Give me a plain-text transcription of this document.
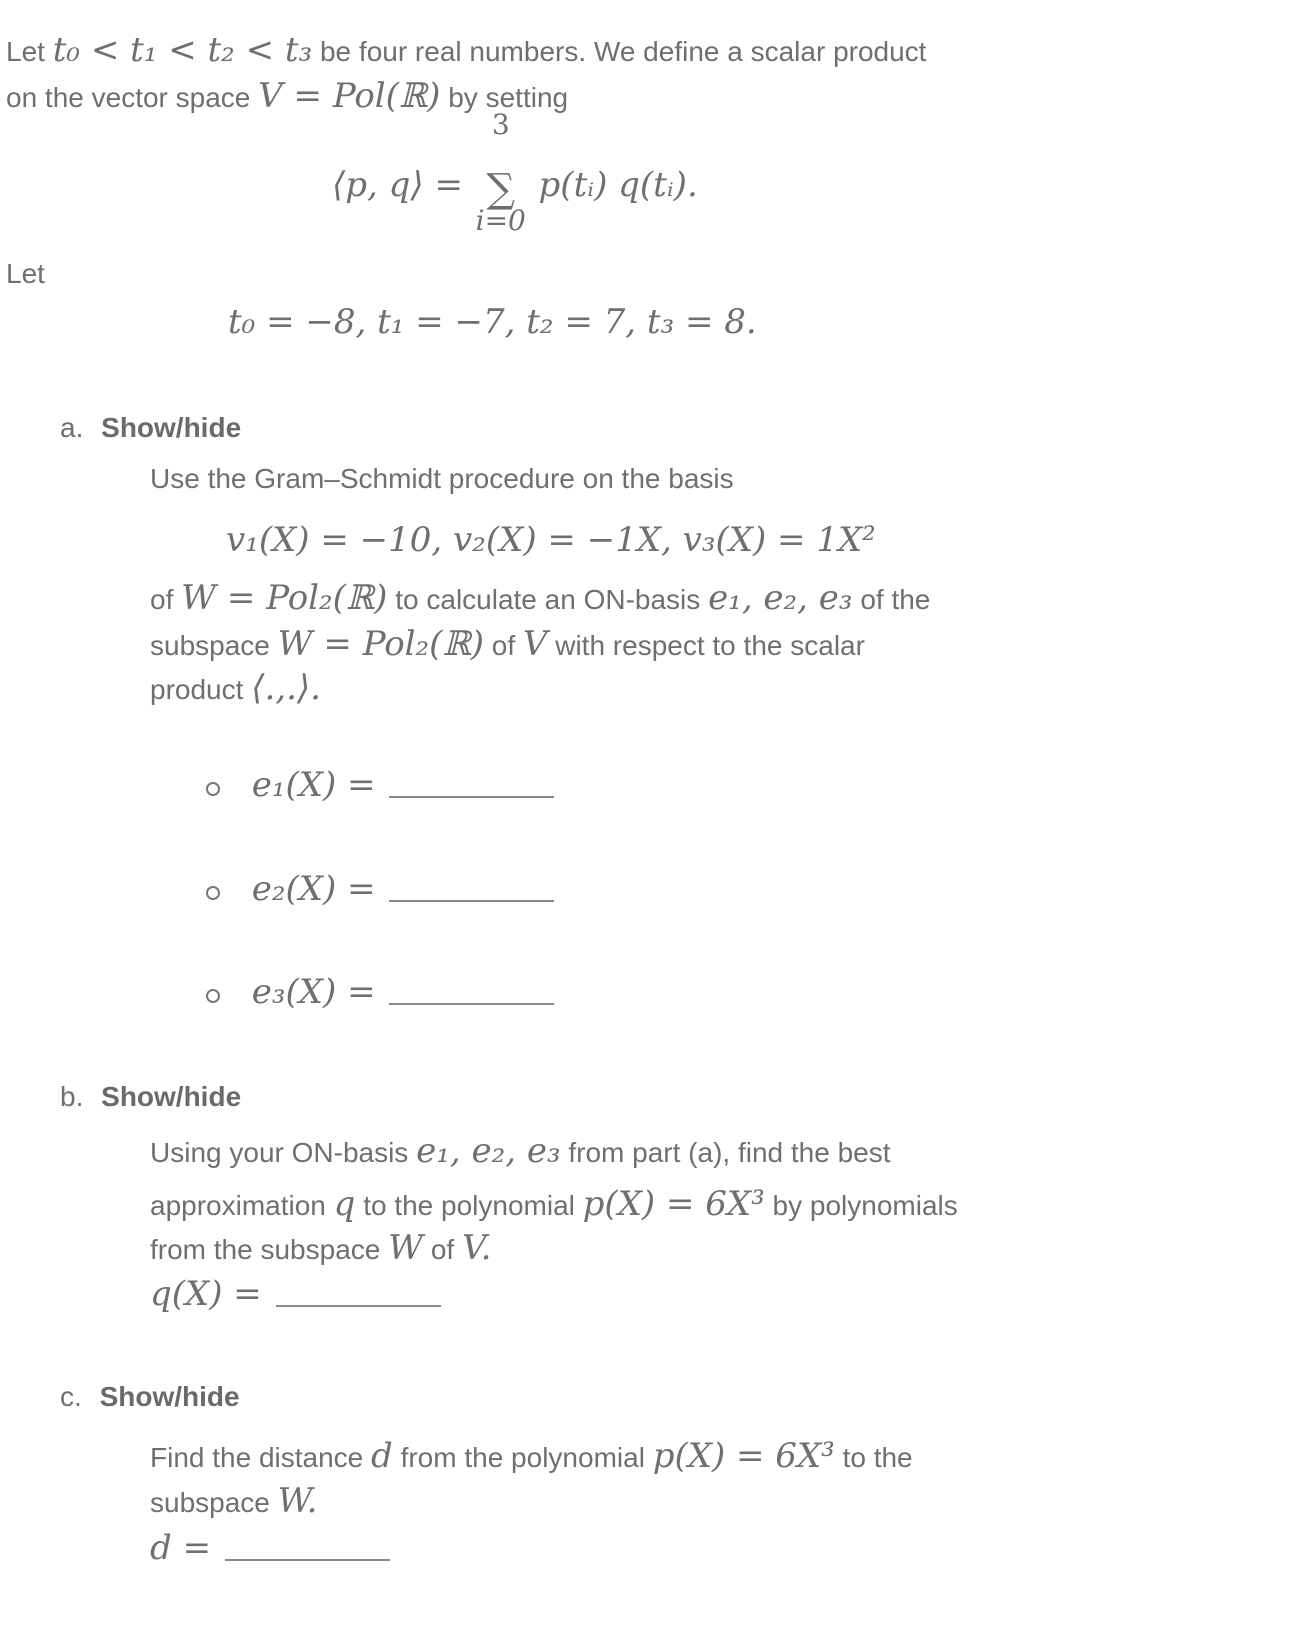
Let t₀ < t₁ < t₂ < t₃ be four real numbers. We define a scalar product
on the vector space V = Pol(ℝ) by setting
⟨p, q⟩ =
3
∑
i=0
p(tᵢ) q(tᵢ).
Let
t₀ = −8, t₁ = −7, t₂ = 7, t₃ = 8.
a. Show/hide
Use the Gram–Schmidt procedure on the basis
v₁(X) = −10, v₂(X) = −1X, v₃(X) = 1X²
of W = Pol₂(ℝ) to calculate an ON-basis e₁, e₂, e₃ of the
subspace W = Pol₂(ℝ) of V with respect to the scalar
product ⟨.,.⟩.
e₁(X) =
e₂(X) =
e₃(X) =
b. Show/hide
Using your ON-basis e₁, e₂, e₃ from part (a), find the best
approximation q to the polynomial p(X) = 6X³ by polynomials
from the subspace W of V.
q(X) =
c. Show/hide
Find the distance d from the polynomial p(X) = 6X³ to the
subspace W.
d =
